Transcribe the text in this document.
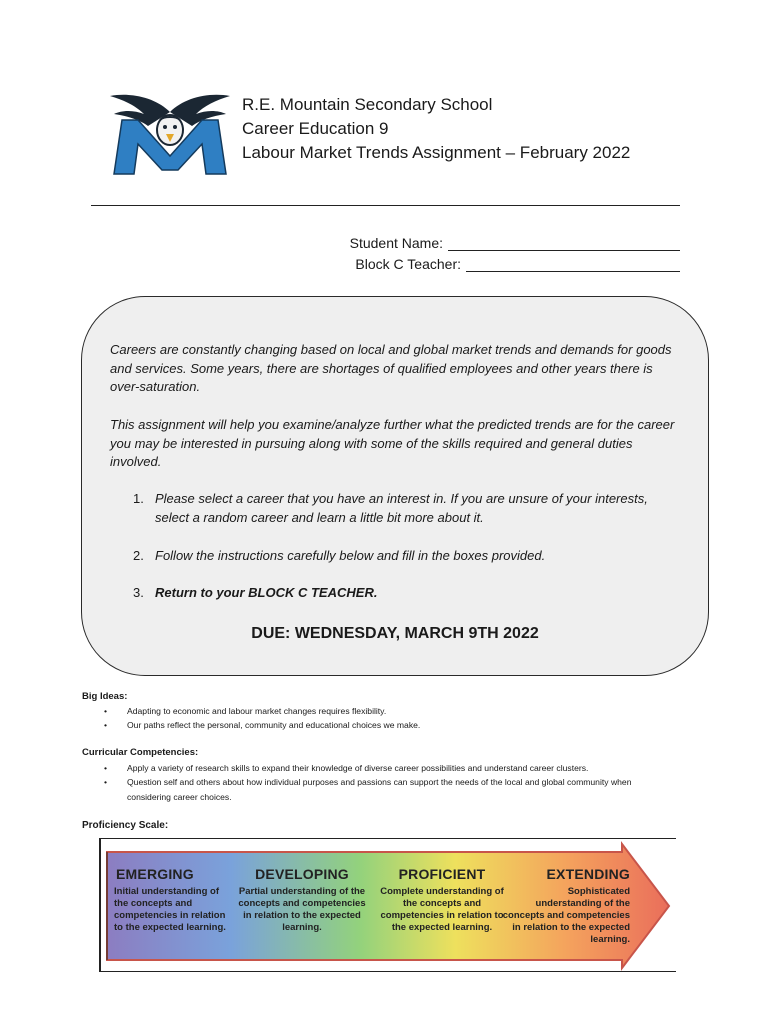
R.E. Mountain Secondary School
Career Education 9
Labour Market Trends Assignment – February 2022
Student Name:
Block C Teacher:
Careers are constantly changing based on local and global market trends and demands for goods and services. Some years, there are shortages of qualified employees and other years there is over-saturation.
This assignment will help you examine/analyze further what the predicted trends are for the career you may be interested in pursuing along with some of the skills required and general duties involved.
1 .	Please select a career that you have an interest in. If you are unsure of your interests, select a random career and learn a little bit more about it.
2 .	Follow the instructions carefully below and fill in the boxes provided.
3 .	Return to your BLOCK C TEACHER.
DUE: WEDNESDAY, MARCH 9TH 2022
Big Ideas:
• Adapting to economic and labour market changes requires flexibility.
• Our paths reflect the personal, community and educational choices we make.
Curricular Competencies:
• Apply a variety of research skills to expand their knowledge of diverse career possibilities and understand career clusters.
• Question self and others about how individual purposes and passions can support the needs of the local and global community when considering career choices.
Proficiency Scale:
EMERGING
Initial understanding of the concepts and competencies in relation to the expected learning.
DEVELOPING
Partial understanding of the concepts and competencies in relation to the expected learning.
PROFICIENT
Complete understanding of the concepts and competencies in relation to the expected learning.
EXTENDING
Sophisticated understanding of the concepts and competencies in relation to the expected learning.
